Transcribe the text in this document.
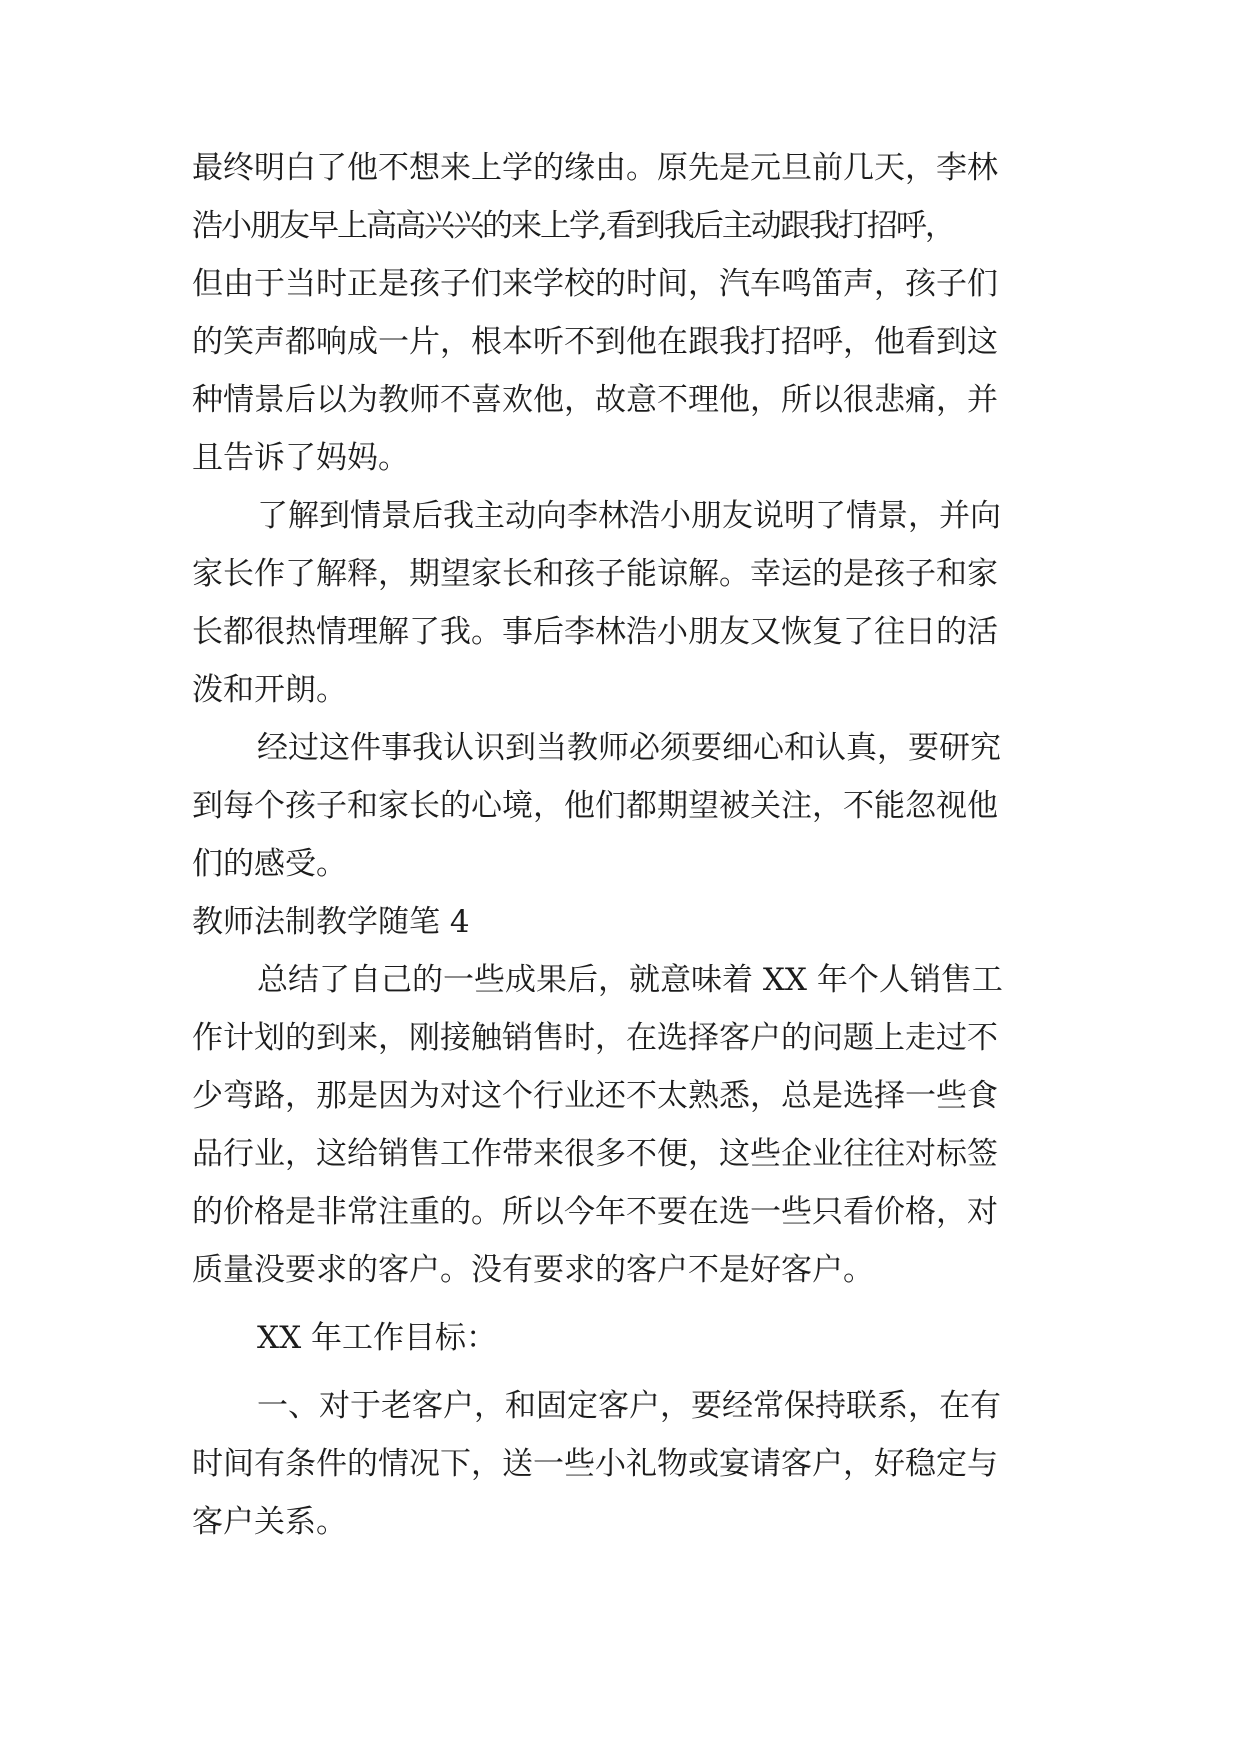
最终明白了他不想来上学的缘由。原先是元旦前几天，李林

浩小朋友早上高高兴兴的来上学,看到我后主动跟我打招呼，

但由于当时正是孩子们来学校的时间，汽车鸣笛声，孩子们

的笑声都响成一片，根本听不到他在跟我打招呼，他看到这

种情景后以为教师不喜欢他，故意不理他，所以很悲痛，并

且告诉了妈妈。

了解到情景后我主动向李林浩小朋友说明了情景，并向

家长作了解释，期望家长和孩子能谅解。幸运的是孩子和家

长都很热情理解了我。事后李林浩小朋友又恢复了往日的活

泼和开朗。

经过这件事我认识到当教师必须要细心和认真，要研究

到每个孩子和家长的心境，他们都期望被关注，不能忽视他

们的感受。

教师法制教学随笔 4

总结了自己的一些成果后，就意味着 XX 年个人销售工

作计划的到来，刚接触销售时，在选择客户的问题上走过不

少弯路，那是因为对这个行业还不太熟悉，总是选择一些食

品行业，这给销售工作带来很多不便，这些企业往往对标签

的价格是非常注重的。所以今年不要在选一些只看价格，对

质量没要求的客户。没有要求的客户不是好客户。

XX 年工作目标：

一、对于老客户，和固定客户，要经常保持联系，在有

时间有条件的情况下，送一些小礼物或宴请客户，好稳定与

客户关系。
